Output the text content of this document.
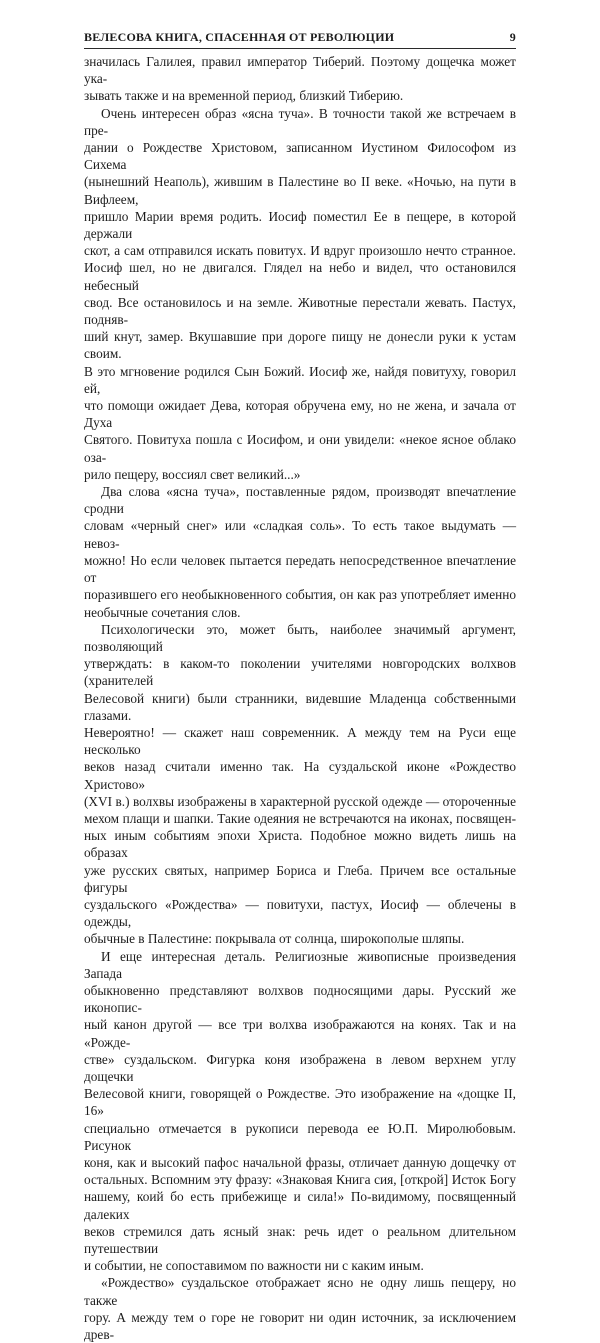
ВЕЛЕСОВА КНИГА, СПАСЕННАЯ ОТ РЕВОЛЮЦИИ	9

значилась Галилея, правил император Тиберий. Поэтому дощечка может ука-

зывать также и на временной период, близкий Тиберию.

Очень интересен образ «ясна туча». В точности такой же встречаем в пре-

дании о Рождестве Христовом, записанном Иустином Философом из Сихема

(нынешний Неаполь), жившим в Палестине во II веке. «Ночью, на пути в Вифлеем,

пришло Марии время родить. Иосиф поместил Ее в пещере, в которой держали

скот, а сам отправился искать повитух. И вдруг произошло нечто странное.

Иосиф шел, но не двигался. Глядел на небо и видел, что остановился небесный

свод. Все остановилось и на земле. Животные перестали жевать. Пастух, подняв-

ший кнут, замер. Вкушавшие при дороге пищу не донесли руки к устам своим.

В это мгновение родился Сын Божий. Иосиф же, найдя повитуху, говорил ей,

что помощи ожидает Дева, которая обручена ему, но не жена, и зачала от Духа

Святого. Повитуха пошла с Иосифом, и они увидели: «некое ясное облако оза-

рило пещеру, воссиял свет великий...»

Два слова «ясна туча», поставленные рядом, производят впечатление сродни

словам «черный снег» или «сладкая соль». То есть такое выдумать — невоз-

можно! Но если человек пытается передать непосредственное впечатление от

поразившего его необыкновенного события, он как раз употребляет именно

необычные сочетания слов.

Психологически это, может быть, наиболее значимый аргумент, позволяющий

утверждать: в каком-то поколении учителями новгородских волхвов (хранителей

Велесовой книги) были странники, видевшие Младенца собственными глазами.

Невероятно! — скажет наш современник. А между тем на Руси еще несколько

веков назад считали именно так. На суздальской иконе «Рождество Христово»

(XVI в.) волхвы изображены в характерной русской одежде — отороченные

мехом плащи и шапки. Такие одеяния не встречаются на иконах, посвящен-

ных иным событиям эпохи Христа. Подобное можно видеть лишь на образах

уже русских святых, например Бориса и Глеба. Причем все остальные фигуры

суздальского «Рождества» — повитухи, пастух, Иосиф — облечены в одежды,

обычные в Палестине: покрывала от солнца, широкополые шляпы.

И еще интересная деталь. Религиозные живописные произведения Запада

обыкновенно представляют волхвов подносящими дары. Русский же иконопис-

ный канон другой — все три волхва изображаются на конях. Так и на «Рожде-

стве» суздальском. Фигурка коня изображена в левом верхнем углу дощечки

Велесовой книги, говорящей о Рождестве. Это изображение на «дощке II, 16»

специально отмечается в рукописи перевода ее Ю.П. Миролюбовым. Рисунок

коня, как и высокий пафос начальной фразы, отличает данную дощечку от

остальных. Вспомним эту фразу: «Знаковая Книга сия, [открой] Исток Богу

нашему, коий бо есть прибежище и сила!» По-видимому, посвященный далеких

веков стремился дать ясный знак: речь идет о реальном длительном путешествии

и событии, не сопоставимом по важности ни с каким иным.

«Рождество» суздальское отображает ясно не одну лишь пещеру, но также

гору. А между тем о горе не говорит ни один источник, за исключением древ-
